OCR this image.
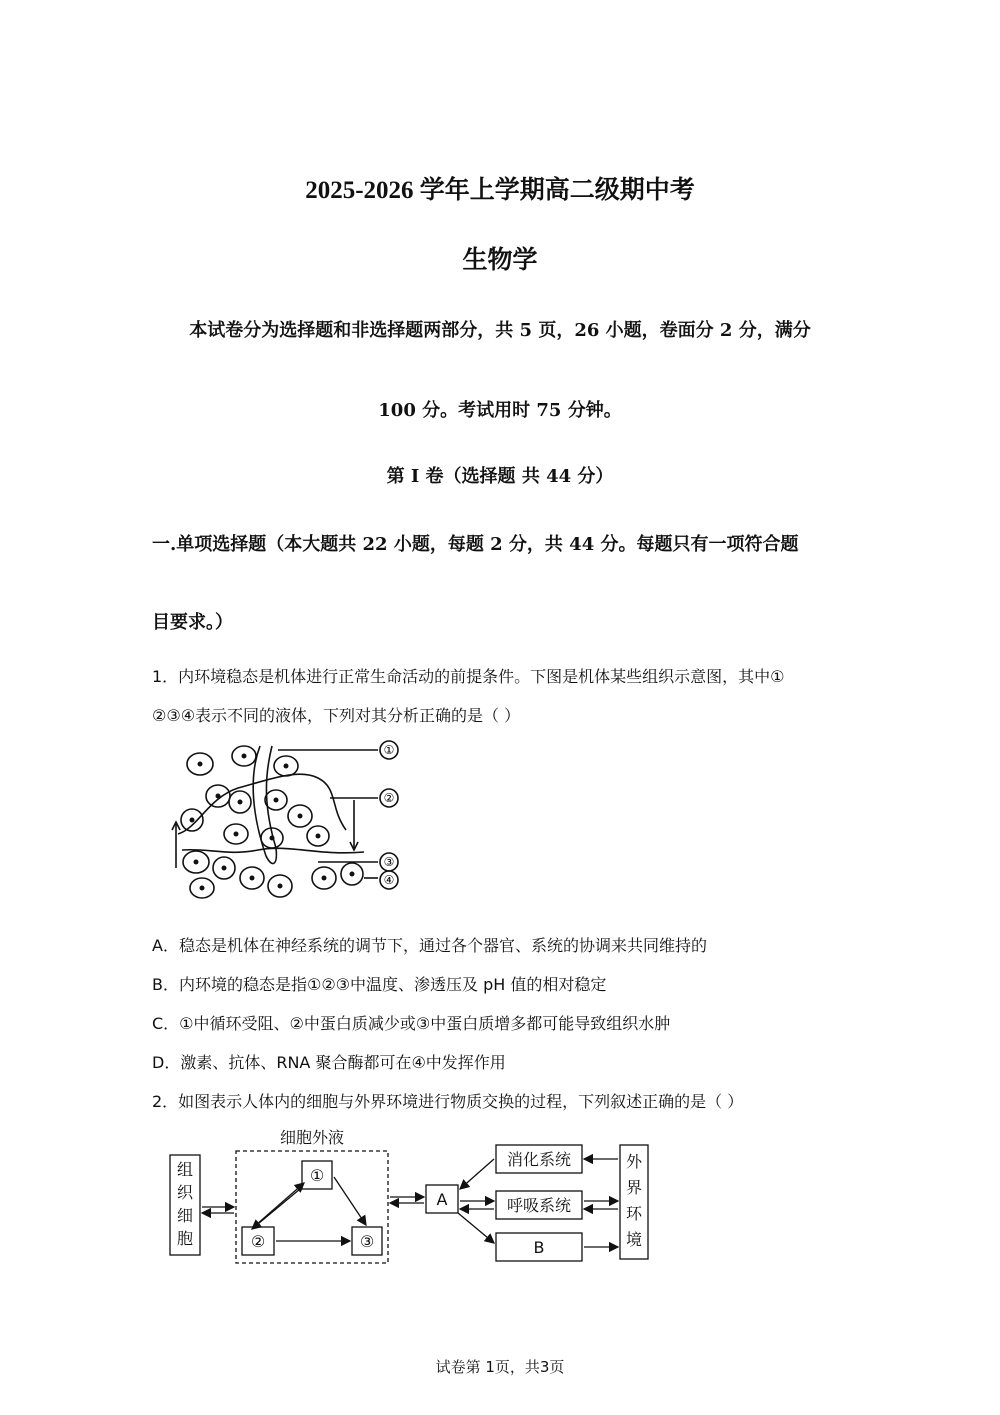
2025-2026 学年上学期高二级期中考
生物学
本试卷分为选择题和非选择题两部分，共 5 页，26 小题，卷面分 2 分，满分
100 分。考试用时 75 分钟。
第 Ⅰ 卷（选择题 共 44 分）
一.单项选择题（本大题共 22 小题，每题 2 分，共 44 分。每题只有一项符合题
目要求。）
1．内环境稳态是机体进行正常生命活动的前提条件。下图是机体某些组织示意图，其中①
②③④表示不同的液体，下列对其分析正确的是（ ）
①
②
③
④
A．稳态是机体在神经系统的调节下，通过各个器官、系统的协调来共同维持的
B．内环境的稳态是指①②③中温度、渗透压及 pH 值的相对稳定
C．①中循环受阻、②中蛋白质减少或③中蛋白质增多都可能导致组织水肿
D．激素、抗体、RNA 聚合酶都可在④中发挥作用
2．如图表示人体内的细胞与外界环境进行物质交换的过程，下列叙述正确的是（ ）
组
织
细
胞
细胞外液
①
②	③
A
消化系统
呼吸系统
B
外
界
环
境
试卷第 1页，共3页
